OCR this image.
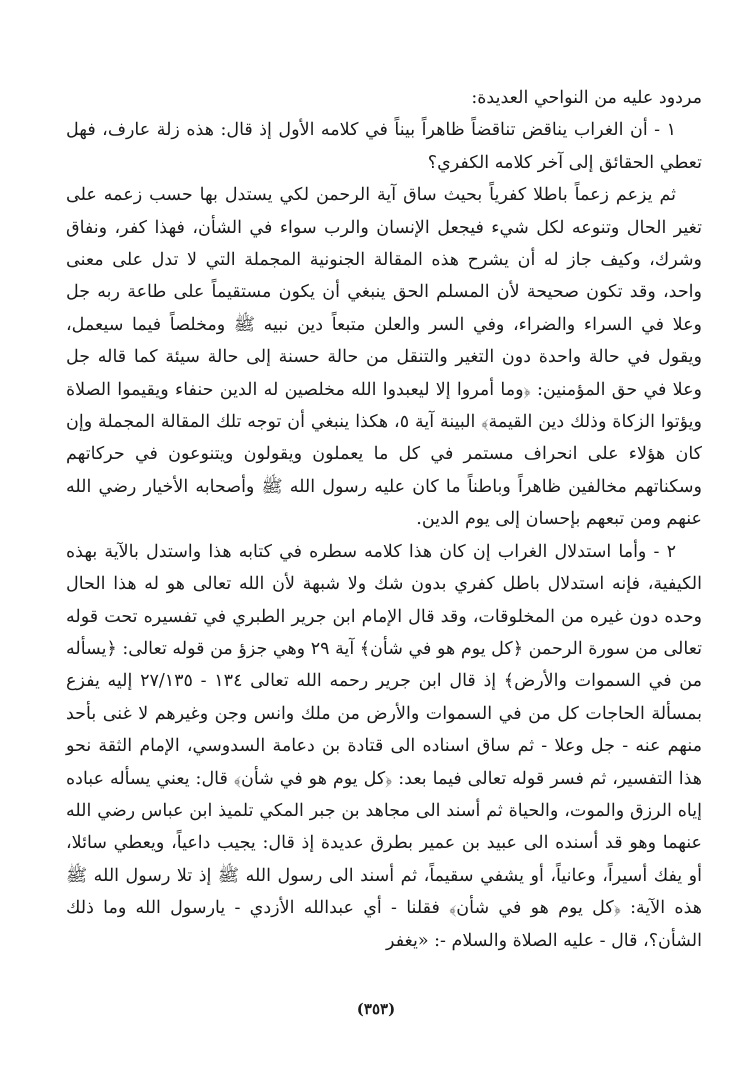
مردود عليه من النواحي العديدة:

١ - أن الغراب يناقض تناقضاً ظاهراً بيناً في كلامه الأول إذ قال: هذه زلة عارف، فهل تعطي الحقائق إلى آخر كلامه الكفري؟

ثم يزعم زعماً باطلا كفرياً بحيث ساق آية الرحمن لكي يستدل بها حسب زعمه على تغير الحال وتنوعه لكل شيء فيجعل الإنسان والرب سواء في الشأن، فهذا كفر، ونفاق وشرك، وكيف جاز له أن يشرح هذه المقالة الجنونية المجملة التي لا تدل على معنى واحد، وقد تكون صحيحة لأن المسلم الحق ينبغي أن يكون مستقيماً على طاعة ربه جل وعلا في السراء والضراء، وفي السر والعلن متبعاً دين نبيه ﷺ ومخلصاً فيما سيعمل، ويقول في حالة واحدة دون التغير والتنقل من حالة حسنة إلى حالة سيئة كما قاله جل وعلا في حق المؤمنين: ﴿وما أمروا إلا ليعبدوا الله مخلصين له الدين حنفاء ويقيموا الصلاة ويؤتوا الزكاة وذلك دين القيمة﴾ البينة آية ٥، هكذا ينبغي أن توجه تلك المقالة المجملة وإن كان هؤلاء على انحراف مستمر في كل ما يعملون ويقولون ويتنوعون في حركاتهم وسكناتهم مخالفين ظاهراً وباطناً ما كان عليه رسول الله ﷺ وأصحابه الأخيار رضي الله عنهم ومن تبعهم بإحسان إلى يوم الدين.

٢ - وأما استدلال الغراب إن كان هذا كلامه سطره في كتابه هذا واستدل بالآية بهذه الكيفية، فإنه استدلال باطل كفري بدون شك ولا شبهة لأن الله تعالى هو له هذا الحال وحده دون غيره من المخلوقات، وقد قال الإمام ابن جرير الطبري في تفسيره تحت قوله تعالى من سورة الرحمن ﴿كل يوم هو في شأن﴾ آية ٢٩ وهي جزؤ من قوله تعالى: ﴿يسأله من في السموات والأرض﴾ إذ قال ابن جرير رحمه الله تعالى ١٣٤ - ٢٧/١٣٥ إليه يفزع بمسألة الحاجات كل من في السموات والأرض من ملك وانس وجن وغيرهم لا غنى بأحد منهم عنه - جل وعلا - ثم ساق اسناده الى قتادة بن دعامة السدوسي، الإمام الثقة نحو هذا التفسير، ثم فسر قوله تعالى فيما بعد: ﴿كل يوم هو في شأن﴾ قال: يعني يسأله عباده إياه الرزق والموت، والحياة ثم أسند الى مجاهد بن جبر المكي تلميذ ابن عباس رضي الله عنهما وهو قد أسنده الى عبيد بن عمير بطرق عديدة إذ قال: يجيب داعياً، ويعطي سائلا، أو يفك أسيراً، وعانياً، أو يشفي سقيماً، ثم أسند الى رسول الله ﷺ إذ تلا رسول الله ﷺ هذه الآية: ﴿كل يوم هو في شأن﴾ فقلنا - أي عبدالله الأزدي - يارسول الله وما ذلك الشأن؟، قال - عليه الصلاة والسلام -: «يغفر

(٣٥٣)
